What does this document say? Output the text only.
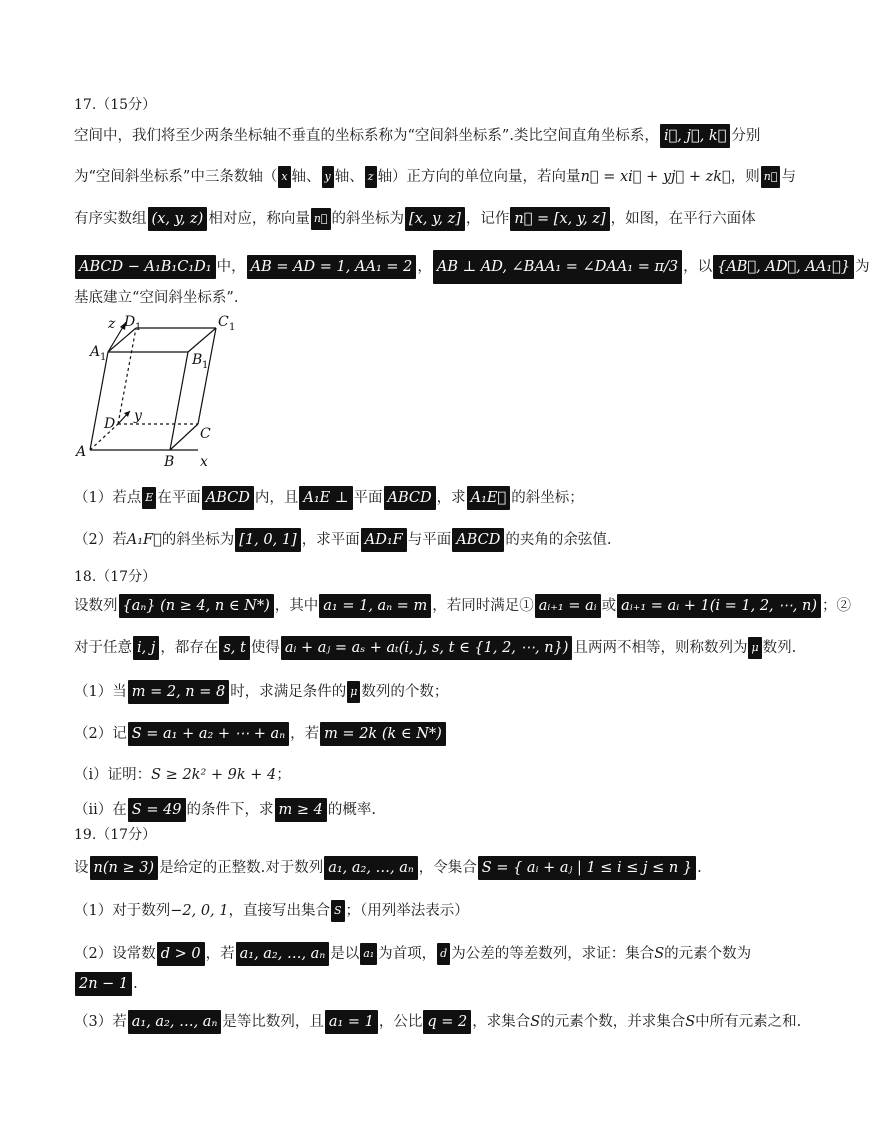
17.（15分）
空间中，我们将至少两条坐标轴不垂直的坐标系称为“空间斜坐标系”.类比空间直角坐标系， i⃗, j⃗, k⃗ 分别
为“空间斜坐标系”中三条数轴（ x 轴、 y 轴、 z 轴）正方向的单位向量，若向量n⃗ = xi⃗ + yj⃗ + zk⃗，则 n⃗ 与
有序实数组 (x, y, z) 相对应，称向量 n⃗ 的斜坐标为 [x, y, z] ，记作 n⃗ = [x, y, z] ，如图，在平行六面体
ABCD − A₁B₁C₁D₁ 中， AB = AD = 1, AA₁ = 2 ， AB ⊥ AD, ∠BAA₁ = ∠DAA₁ = π/3 ，以 {AB⃗, AD⃗, AA₁⃗} 为
基底建立“空间斜坐标系”.
z D 1	C 1
A 1	B 1
y
D
C
A
B x
（1）若点 E 在平面 ABCD 内，且 A₁E ⊥ 平面 ABCD ，求 A₁E⃗ 的斜坐标；
（2）若A₁F⃗的斜坐标为 [1, 0, 1] ，求平面 AD₁F 与平面 ABCD 的夹角的余弦值.
18.（17分）
设数列 {aₙ} (n ≥ 4, n ∈ N*) ，其中 a₁ = 1, aₙ = m ，若同时满足① aᵢ₊₁ = aᵢ 或 aᵢ₊₁ = aᵢ + 1(i = 1, 2, ⋯, n) ；②
对于任意 i, j ，都存在 s, t 使得 aᵢ + aⱼ = aₛ + aₜ(i, j, s, t ∈ {1, 2, ⋯, n}) 且两两不相等，则称数列为 μ 数列.
（1）当 m = 2, n = 8 时，求满足条件的 μ 数列的个数；
（2）记 S = a₁ + a₂ + ⋯ + aₙ ，若 m = 2k (k ∈ N*)
（i）证明：S ≥ 2k² + 9k + 4；
（ii）在 S = 49 的条件下，求 m ≥ 4 的概率.
19.（17分）
设 n(n ≥ 3) 是给定的正整数.对于数列 a₁, a₂, …, aₙ ，令集合 S = { aᵢ + aⱼ | 1 ≤ i ≤ j ≤ n } .
（1）对于数列−2, 0, 1，直接写出集合 S ；（用列举法表示）
（2）设常数 d > 0 ，若 a₁, a₂, …, aₙ 是以 a₁ 为首项， d 为公差的等差数列，求证：集合S的元素个数为
2n − 1 .
（3）若 a₁, a₂, …, aₙ 是等比数列，且 a₁ = 1 ，公比 q = 2 ，求集合S的元素个数，并求集合S中所有元素之和.
